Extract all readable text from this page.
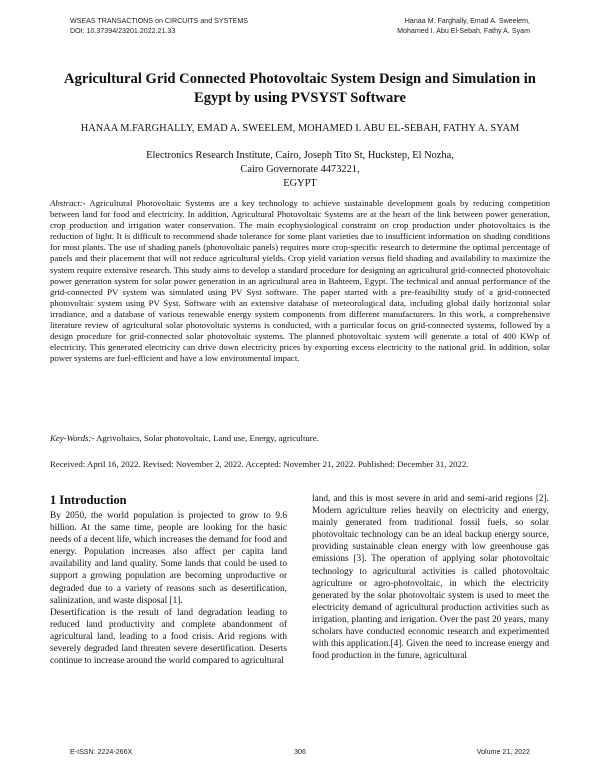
WSEAS TRANSACTIONS on CIRCUITS and SYSTEMS
DOI: 10.37394/23201.2022.21.33
Hanaa M. Farghally, Emad A. Sweelem,
Mohamed I. Abu El-Sebah, Fathy A. Syam
Agricultural Grid Connected Photovoltaic System Design and Simulation in Egypt by using PVSYST Software
HANAA M.FARGHALLY, EMAD A. SWEELEM, MOHAMED I. ABU EL-SEBAH, FATHY A. SYAM
Electronics Research Institute, Cairo, Joseph Tito St, Huckstep, El Nozha,
Cairo Governorate 4473221,
EGYPT
Abstract:- Agricultural Photovoltaic Systems are a key technology to achieve sustainable development goals by reducing competition between land for food and electricity. In addition, Agricultural Photovoltaic Systems are at the heart of the link between power generation, crop production and irrigation water conservation. The main ecophysiological constraint on crop production under photovoltaics is the reduction of light. It is difficult to recommend shade tolerance for some plant varieties due to insufficient information on shading conditions for most plants. The use of shading panels (photovoltaic panels) requires more crop-specific research to determine the optimal percentage of panels and their placement that will not reduce agricultural yields. Crop yield variation versus field shading and availability to maximize the system require extensive research. This study aims to develop a standard procedure for designing an agricultural grid-connected photovoltaic power generation system for solar power generation in an agricultural area in Bahteem, Egypt. The technical and annual performance of the grid-connected PV system was simulated using PV Syst software. The paper started with a pre-feasibility study of a grid-connected photovoltaic system using PV Syst. Software with an extensive database of meteorological data, including global daily horizontal solar irradiance, and a database of various renewable energy system components from different manufacturers. In this work, a comprehensive literature review of agricultural solar photovoltaic systems is conducted, with a particular focus on grid-connected systems, followed by a design procedure for grid-connected solar photovoltaic systems. The planned photovoltaic system will generate a total of 400 KWp of electricity. This generated electricity can drive down electricity prices by exporting excess electricity to the national grid. In addition, solar power systems are fuel-efficient and have a low environmental impact.
Key-Words:- Agrivoltaics, Solar photovoltaic, Land use, Energy, agriculture.
Received: April 16, 2022. Revised: November 2, 2022. Accepted: November 21, 2022. Published: December 31, 2022.
1 Introduction

By 2050, the world population is projected to grow to 9.6 billion. At the same time, people are looking for the basic needs of a decent life, which increases the demand for food and energy. Population increases also affect per capita land availability and land quality. Some lands that could be used to support a growing population are becoming unproductive or degraded due to a variety of reasons such as desertification, salinization, and waste disposal [1].

Desertification is the result of land degradation leading to reduced land productivity and complete abandonment of agricultural land, leading to a food crisis. Arid regions with severely degraded land threaten severe desertification. Deserts continue to increase around the world compared to agricultural

land, and this is most severe in arid and semi-arid regions [2]. Modern agriculture relies heavily on electricity and energy, mainly generated from traditional fossil fuels, so solar photovoltaic technology can be an ideal backup energy source, providing sustainable clean energy with low greenhouse gas emissions [3]. The operation of applying solar photovoltaic technology to agricultural activities is called photovoltaic agriculture or agro-photovoltaic, in which the electricity generated by the solar photovoltaic system is used to meet the electricity demand of agricultural production activities such as irrigation, planting and irrigation. Over the past 20 years, many scholars have conducted economic research and experimented with this application.[4]. Given the need to increase energy and food production in the future, agricultural

E-ISSN: 2224-266X	306	Volume 21, 2022
